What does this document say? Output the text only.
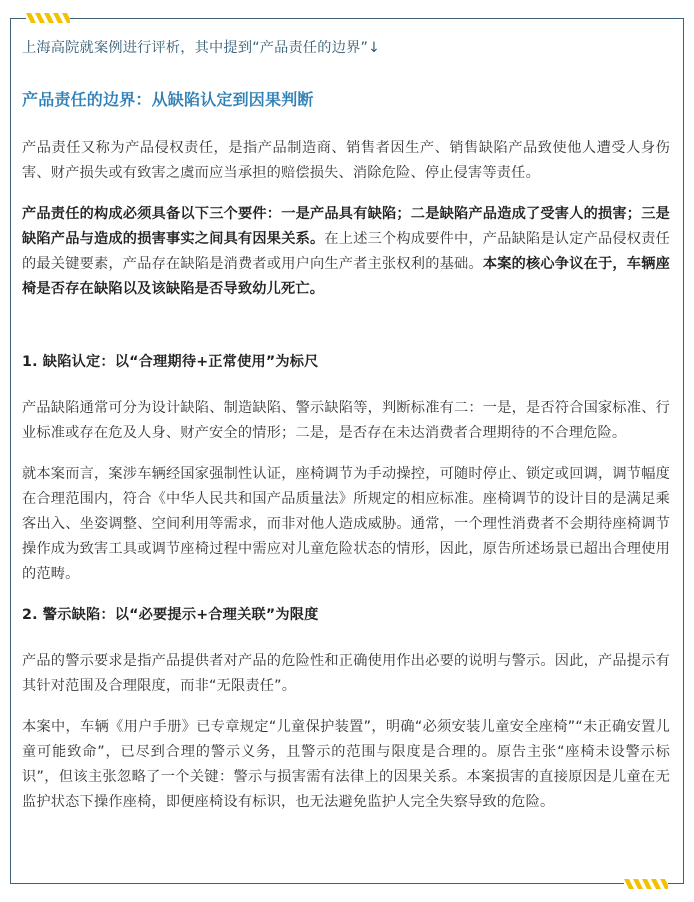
上海高院就案例进行评析，其中提到“产品责任的边界”↓

产品责任的边界：从缺陷认定到因果判断

产品责任又称为产品侵权责任，是指产品制造商、销售者因生产、销售缺陷产品致使他人遭受人身伤害、财产损失或有致害之虞而应当承担的赔偿损失、消除危险、停止侵害等责任。

产品责任的构成必须具备以下三个要件：一是产品具有缺陷；二是缺陷产品造成了受害人的损害；三是缺陷产品与造成的损害事实之间具有因果关系。在上述三个构成要件中，产品缺陷是认定产品侵权责任的最关键要素，产品存在缺陷是消费者或用户向生产者主张权利的基础。本案的核心争议在于，车辆座椅是否存在缺陷以及该缺陷是否导致幼儿死亡。

1. 缺陷认定：以“合理期待+正常使用”为标尺

产品缺陷通常可分为设计缺陷、制造缺陷、警示缺陷等，判断标准有二：一是，是否符合国家标准、行业标准或存在危及人身、财产安全的情形；二是，是否存在未达消费者合理期待的不合理危险。

就本案而言，案涉车辆经国家强制性认证，座椅调节为手动操控，可随时停止、锁定或回调，调节幅度在合理范围内，符合《中华人民共和国产品质量法》所规定的相应标准。座椅调节的设计目的是满足乘客出入、坐姿调整、空间利用等需求，而非对他人造成威胁。通常，一个理性消费者不会期待座椅调节操作成为致害工具或调节座椅过程中需应对儿童危险状态的情形，因此，原告所述场景已超出合理使用的范畴。

2. 警示缺陷：以“必要提示+合理关联”为限度

产品的警示要求是指产品提供者对产品的危险性和正确使用作出必要的说明与警示。因此，产品提示有其针对范围及合理限度，而非“无限责任”。

本案中，车辆《用户手册》已专章规定“儿童保护装置”，明确“必须安装儿童安全座椅”“未正确安置儿童可能致命”，已尽到合理的警示义务，且警示的范围与限度是合理的。原告主张“座椅未设警示标识”，但该主张忽略了一个关键：警示与损害需有法律上的因果关系。本案损害的直接原因是儿童在无监护状态下操作座椅，即便座椅设有标识，也无法避免监护人完全失察导致的危险。
